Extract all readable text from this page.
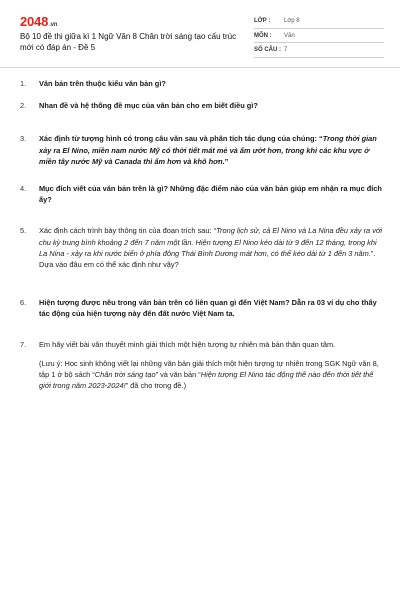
2048.vn
Bộ 10 đề thi giữa kì 1 Ngữ Văn 8 Chân trời sáng tạo cấu trúc mới có đáp án - Đề 5
LỚP : Lớp 8
MÔN : Văn
SỐ CÂU : 7
1.	Văn bản trên thuộc kiểu văn bản gì?
2.	Nhan đề và hệ thống đề mục của văn bản cho em biết điều gì?
3.	Xác định từ tượng hình có trong câu văn sau và phân tích tác dụng của chúng: “Trong thời gian xảy ra El Nino, miền nam nước Mỹ có thời tiết mát mẻ và ẩm ướt hơn, trong khi các khu vực ở miền tây nước Mỹ và Canada thì ấm hơn và khô hơn.”
4.	Mục đích viết của văn bản trên là gì? Những đặc điểm nào của văn bản giúp em nhận ra mục đích ấy?
5.	Xác định cách trình bày thông tin của đoạn trích sau: “Trong lịch sử, cả El Nino và La Nina đều xảy ra với chu kỳ trung bình khoảng 2 đến 7 năm một lần. Hiện tượng El Nino kéo dài từ 9 đến 12 tháng, trong khi La Nina - xảy ra khi nước biển ở phía đông Thái Bình Dương mát hơn, có thể kéo dài từ 1 đến 3 năm.”. Dựa vào đâu em có thể xác định như vậy?
6.	Hiện tượng được nêu trong văn bản trên có liên quan gì đến Việt Nam? Dẫn ra 03 ví dụ cho thấy tác động của hiện tượng này đến đất nước Việt Nam ta.
7.	Em hãy viết bài văn thuyết minh giải thích một hiện tượng tự nhiên mà bản thân quan tâm.
(Lưu ý: Học sinh không viết lại những văn bản giải thích một hiện tượng tự nhiên trong SGK Ngữ văn 8, tập 1 ở bộ sách “Chân trời sáng tạo” và văn bản “Hiện tượng El Nino tác động thế nào đến thời tiết thế giới trong năm 2023-2024!” đã cho trong đề.)
